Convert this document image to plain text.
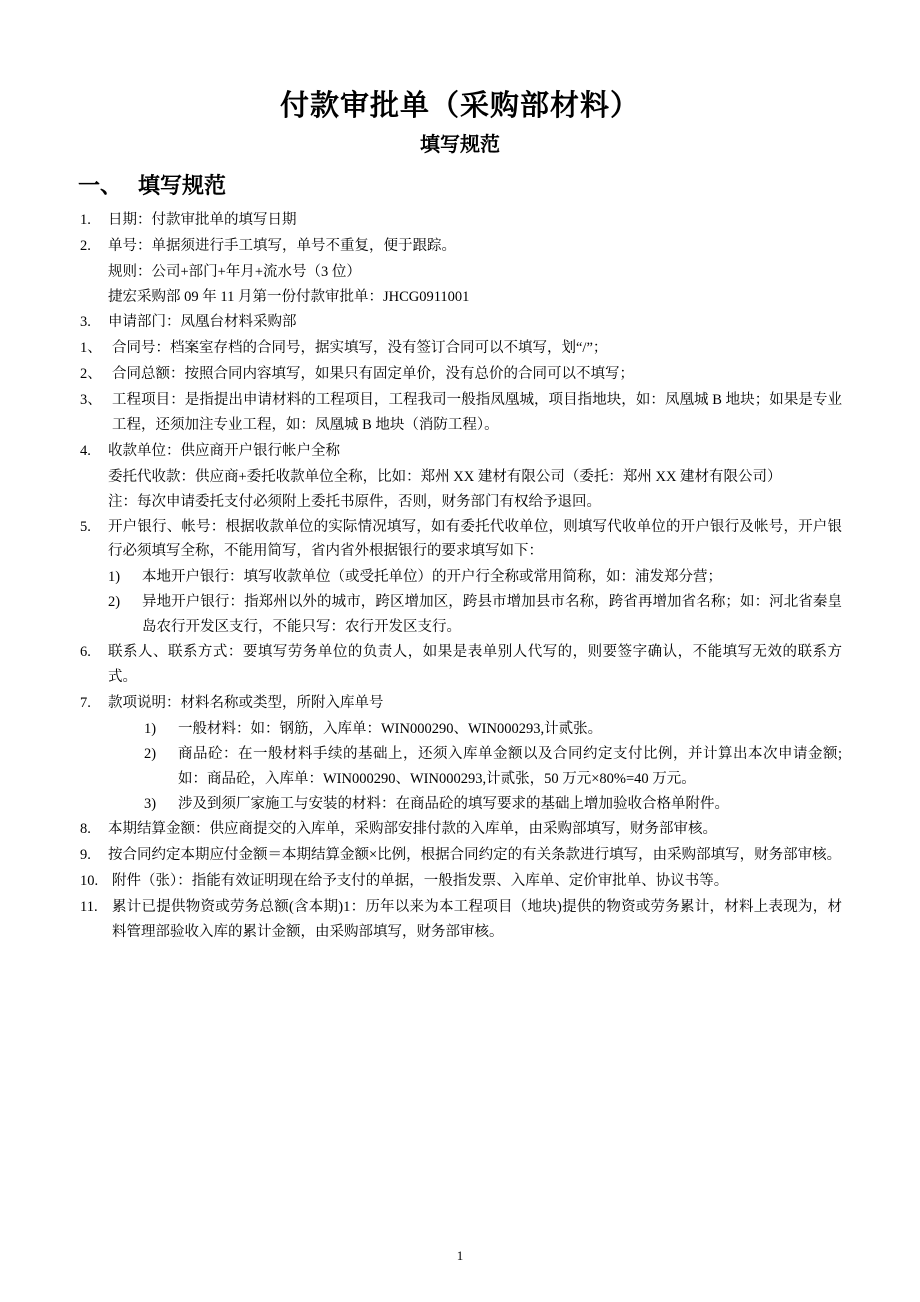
付款审批单（采购部材料）
填写规范
一、 填写规范
1.	日期：付款审批单的填写日期
2.	单号：单据须进行手工填写，单号不重复，便于跟踪。
规则：公司+部门+年月+流水号（3 位）
捷宏采购部 09 年 11 月第一份付款审批单：JHCG0911001
3.	申请部门：凤凰台材料采购部
1、 合同号：档案室存档的合同号，据实填写，没有签订合同可以不填写，划“/”；
2、 合同总额：按照合同内容填写，如果只有固定单价，没有总价的合同可以不填写；
3、 工程项目：是指提出申请材料的工程项目，工程我司一般指凤凰城，项目指地块，如：凤凰城 B 地块；如果是专业工程，还须加注专业工程，如：凤凰城 B 地块（消防工程）。
4.	收款单位：供应商开户银行帐户全称
委托代收款：供应商+委托收款单位全称，比如：郑州 XX 建材有限公司（委托：郑州 XX 建材有限公司）
注：每次申请委托支付必须附上委托书原件，否则，财务部门有权给予退回。
5.	开户银行、帐号：根据收款单位的实际情况填写，如有委托代收单位，则填写代收单位的开户银行及帐号，开户银行必须填写全称，不能用简写，省内省外根据银行的要求填写如下：
1)	本地开户银行：填写收款单位（或受托单位）的开户行全称或常用简称，如：浦发郑分营；
2)	异地开户银行：指郑州以外的城市，跨区增加区，跨县市增加县市名称，跨省再增加省名称；如：河北省秦皇岛农行开发区支行，不能只写：农行开发区支行。
6.	联系人、联系方式：要填写劳务单位的负责人，如果是表单别人代写的，则要签字确认，不能填写无效的联系方式。
7.	款项说明：材料名称或类型，所附入库单号
1)	一般材料：如：钢筋，入库单：WIN000290、WIN000293,计贰张。
2)	商品砼：在一般材料手续的基础上，还须入库单金额以及合同约定支付比例，并计算出本次申请金额; 如：商品砼，入库单：WIN000290、WIN000293,计贰张，50 万元×80%=40 万元。
3)	涉及到须厂家施工与安装的材料：在商品砼的填写要求的基础上增加验收合格单附件。
8.	本期结算金额：供应商提交的入库单，采购部安排付款的入库单，由采购部填写，财务部审核。
9.	按合同约定本期应付金额＝本期结算金额×比例，根据合同约定的有关条款进行填写，由采购部填写，财务部审核。
10. 附件（张）：指能有效证明现在给予支付的单据，一般指发票、入库单、定价审批单、协议书等。
11. 累计已提供物资或劳务总额(含本期)1：历年以来为本工程项目（地块)提供的物资或劳务累计，材料上表现为，材料管理部验收入库的累计金额，由采购部填写，财务部审核。
1
